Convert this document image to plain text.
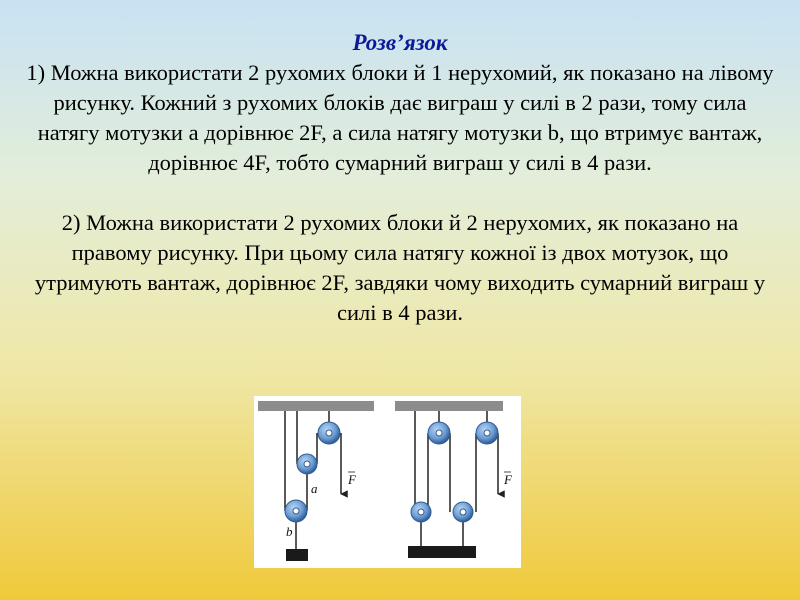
Розв’язок

1) Можна використати 2 рухомих блоки й 1 нерухомий, як показано на лівому рисунку. Кожний з рухомих блоків дає виграш у силі в 2 рази, тому сила натягу мотузки a дорівнює 2F, а сила натягу мотузки b, що втримує вантаж, дорівнює 4F, тобто сумарний виграш у силі в 4 рази.

2) Можна використати 2 рухомих блоки й 2 нерухомих, як показано на правому рисунку. При цьому сила натягу кожної із двох мотузок, що утримують вантаж, дорівнює 2F, завдяки чому виходить сумарний виграш у силі в 4 рази.

F
a
b
F
